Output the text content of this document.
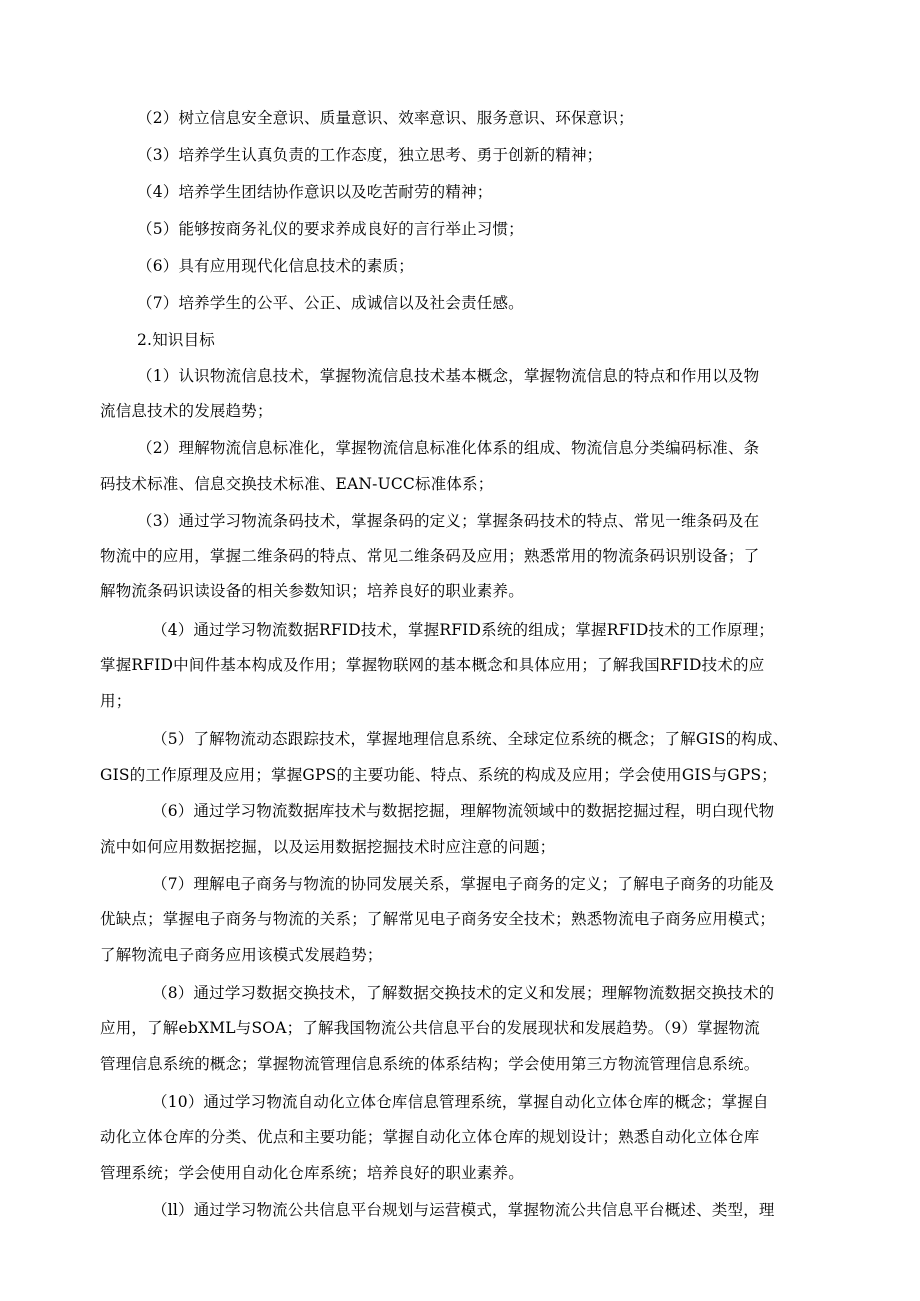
（2）树立信息安全意识、质量意识、效率意识、服务意识、环保意识；
（3）培养学生认真负责的工作态度，独立思考、勇于创新的精神；
（4）培养学生团结协作意识以及吃苦耐劳的精神；
（5）能够按商务礼仪的要求养成良好的言行举止习惯；
（6）具有应用现代化信息技术的素质；
（7）培养学生的公平、公正、成诚信以及社会责任感。
2.知识目标
（1）认识物流信息技术，掌握物流信息技术基本概念，掌握物流信息的特点和作用以及物
流信息技术的发展趋势；
（2）理解物流信息标准化，掌握物流信息标准化体系的组成、物流信息分类编码标准、条
码技术标准、信息交换技术标准、EAN-UCC标准体系；
（3）通过学习物流条码技术，掌握条码的定义；掌握条码技术的特点、常见一维条码及在
物流中的应用，掌握二维条码的特点、常见二维条码及应用；熟悉常用的物流条码识别设备；了
解物流条码识读设备的相关参数知识；培养良好的职业素养。
（4）通过学习物流数据RFID技术，掌握RFID系统的组成；掌握RFID技术的工作原理；
掌握RFID中间件基本构成及作用；掌握物联网的基本概念和具体应用；了解我国RFID技术的应
用；
（5）了解物流动态跟踪技术，掌握地理信息系统、全球定位系统的概念；了解GIS的构成、
GIS的工作原理及应用；掌握GPS的主要功能、特点、系统的构成及应用；学会使用GIS与GPS；
（6）通过学习物流数据库技术与数据挖掘，理解物流领域中的数据挖掘过程，明白现代物
流中如何应用数据挖掘，以及运用数据挖掘技术时应注意的问题；
（7）理解电子商务与物流的协同发展关系，掌握电子商务的定义；了解电子商务的功能及
优缺点；掌握电子商务与物流的关系；了解常见电子商务安全技术；熟悉物流电子商务应用模式；
了解物流电子商务应用该模式发展趋势；
（8）通过学习数据交换技术，了解数据交换技术的定义和发展；理解物流数据交换技术的
应用，了解ebXML与SOA；了解我国物流公共信息平台的发展现状和发展趋势。（9）掌握物流
管理信息系统的概念；掌握物流管理信息系统的体系结构；学会使用第三方物流管理信息系统。
（10）通过学习物流自动化立体仓库信息管理系统，掌握自动化立体仓库的概念；掌握自
动化立体仓库的分类、优点和主要功能；掌握自动化立体仓库的规划设计；熟悉自动化立体仓库
管理系统；学会使用自动化仓库系统；培养良好的职业素养。
（ll）通过学习物流公共信息平台规划与运营模式，掌握物流公共信息平台概述、类型，理
